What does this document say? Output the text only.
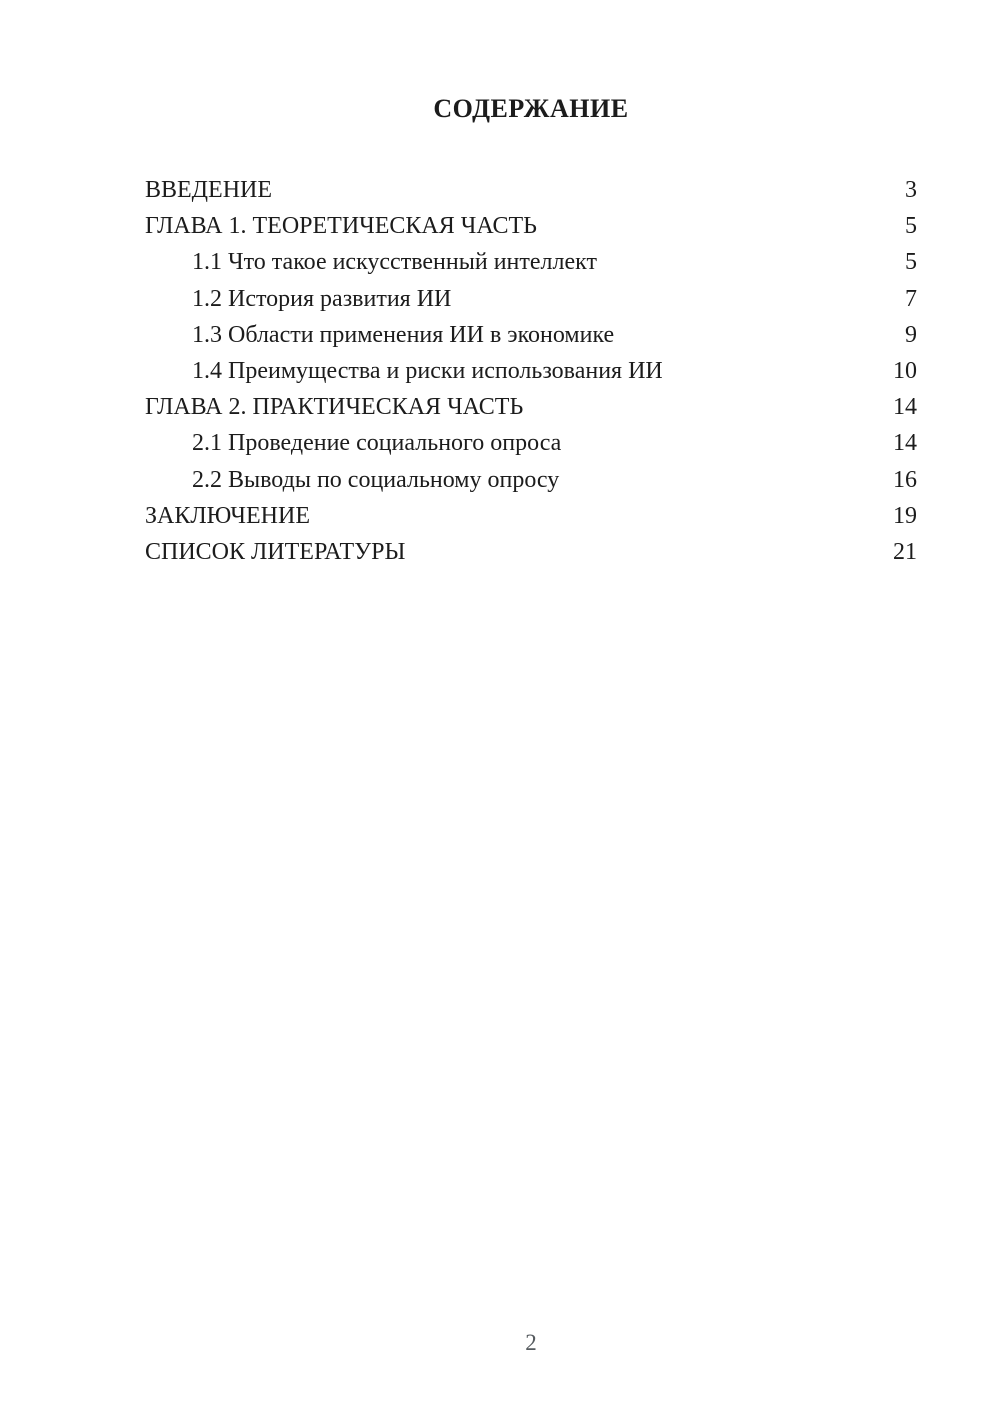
СОДЕРЖАНИЕ
ВВЕДЕНИЕ	3
ГЛАВА 1. ТЕОРЕТИЧЕСКАЯ ЧАСТЬ	5
1.1 Что такое искусственный интеллект	5
1.2 История развития ИИ	7
1.3 Области применения ИИ в экономике	9
1.4 Преимущества и риски использования ИИ	10
ГЛАВА 2. ПРАКТИЧЕСКАЯ ЧАСТЬ	14
2.1 Проведение социального опроса	14
2.2 Выводы по социальному опросу	16
ЗАКЛЮЧЕНИЕ	19
СПИСОК ЛИТЕРАТУРЫ	21
2
